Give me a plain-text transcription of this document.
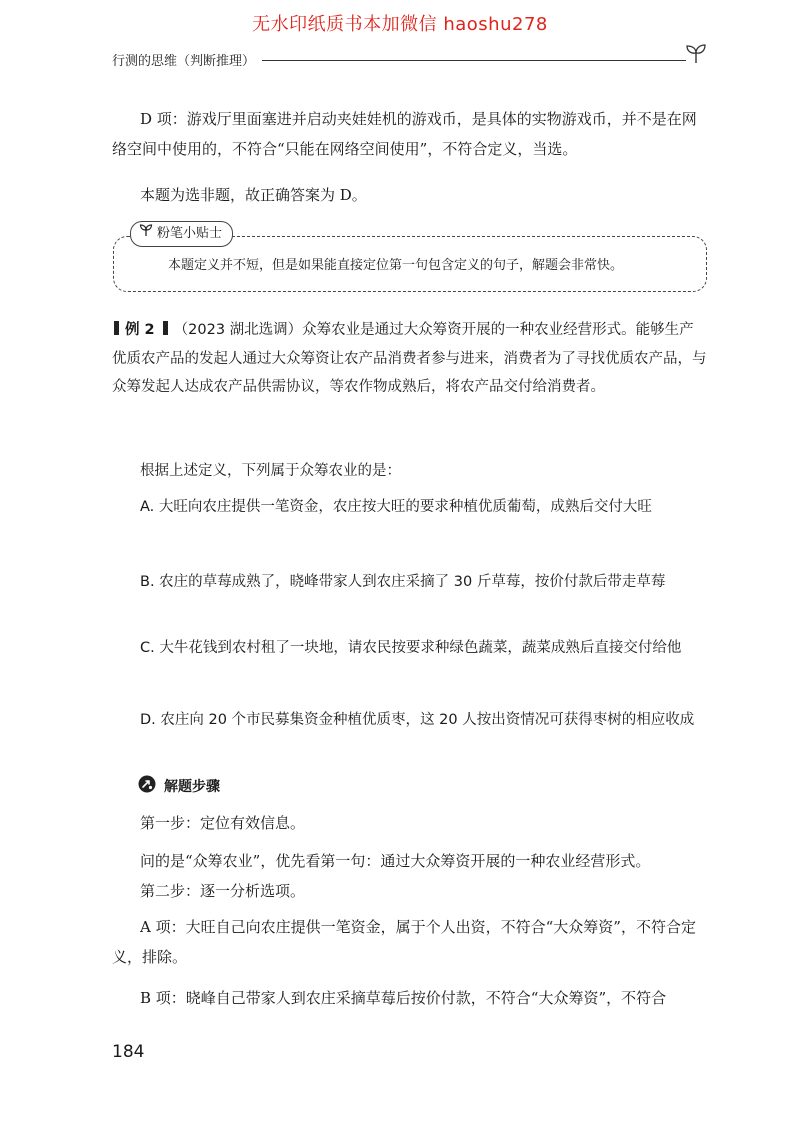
无水印纸质书本加微信 haoshu278
行测的思维（判断推理）

D 项：游戏厅里面塞进并启动夹娃娃机的游戏币，是具体的实物游戏币，并不是在网络空间中使用的，不符合“只能在网络空间使用”，不符合定义，当选。

本题为选非题，故正确答案为 D。

粉笔小贴士
本题定义并不短，但是如果能直接定位第一句包含定义的句子，解题会非常快。

例 2 （2023 湖北选调）众筹农业是通过大众筹资开展的一种农业经营形式。能够生产优质农产品的发起人通过大众筹资让农产品消费者参与进来，消费者为了寻找优质农产品，与众筹发起人达成农产品供需协议，等农作物成熟后，将农产品交付给消费者。

根据上述定义，下列属于众筹农业的是：

A. 大旺向农庄提供一笔资金，农庄按大旺的要求种植优质葡萄，成熟后交付大旺
B. 农庄的草莓成熟了，晓峰带家人到农庄采摘了 30 斤草莓，按价付款后带走草莓
C. 大牛花钱到农村租了一块地，请农民按要求种绿色蔬菜，蔬菜成熟后直接交付给他
D. 农庄向 20 个市民募集资金种植优质枣，这 20 人按出资情况可获得枣树的相应收成
解题步骤

第一步：定位有效信息。

问的是“众筹农业”，优先看第一句：通过大众筹资开展的一种农业经营形式。

第二步：逐一分析选项。

A 项：大旺自己向农庄提供一笔资金，属于个人出资，不符合“大众筹资”，不符合定义，排除。

B 项：晓峰自己带家人到农庄采摘草莓后按价付款，不符合“大众筹资”，不符合

184
